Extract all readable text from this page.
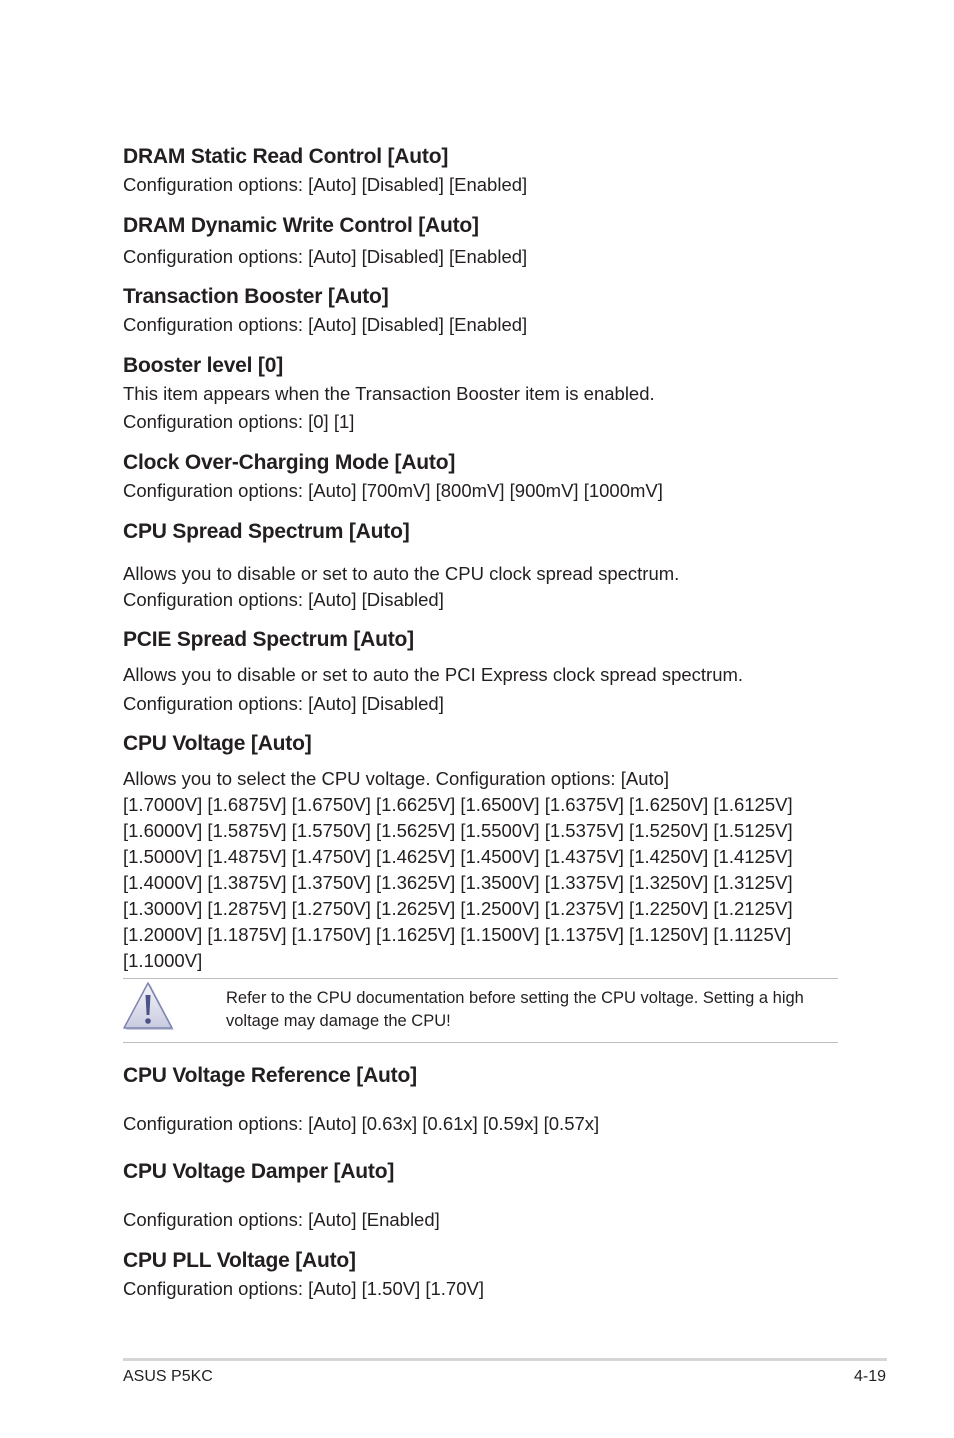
DRAM Static Read Control [Auto]
Configuration options: [Auto] [Disabled] [Enabled]
DRAM Dynamic Write Control [Auto]
Configuration options: [Auto] [Disabled] [Enabled]
Transaction Booster [Auto]
Configuration options: [Auto] [Disabled] [Enabled]
Booster level [0]
This item appears when the Transaction Booster item is enabled.
Configuration options: [0] [1]
Clock Over-Charging Mode [Auto]
Configuration options: [Auto] [700mV] [800mV] [900mV] [1000mV]
CPU Spread Spectrum [Auto]
Allows you to disable or set to auto the CPU clock spread spectrum.
Configuration options: [Auto] [Disabled]
PCIE Spread Spectrum [Auto]
Allows you to disable or set to auto the PCI Express clock spread spectrum.
Configuration options: [Auto] [Disabled]
CPU Voltage [Auto]
Allows you to select the CPU voltage. Configuration options: [Auto]
[1.7000V] [1.6875V] [1.6750V] [1.6625V] [1.6500V] [1.6375V] [1.6250V] [1.6125V]
[1.6000V] [1.5875V] [1.5750V] [1.5625V] [1.5500V] [1.5375V] [1.5250V] [1.5125V]
[1.5000V] [1.4875V] [1.4750V] [1.4625V] [1.4500V] [1.4375V] [1.4250V] [1.4125V]
[1.4000V] [1.3875V] [1.3750V] [1.3625V] [1.3500V] [1.3375V] [1.3250V] [1.3125V]
[1.3000V] [1.2875V] [1.2750V] [1.2625V] [1.2500V] [1.2375V] [1.2250V] [1.2125V]
[1.2000V] [1.1875V] [1.1750V] [1.1625V] [1.1500V] [1.1375V] [1.1250V] [1.1125V]
[1.1000V]
Refer to the CPU documentation before setting the CPU voltage. Setting a high
voltage may damage the CPU!
CPU Voltage Reference [Auto]
Configuration options: [Auto] [0.63x] [0.61x] [0.59x] [0.57x]
CPU Voltage Damper [Auto]
Configuration options: [Auto] [Enabled]
CPU PLL Voltage [Auto]
Configuration options: [Auto] [1.50V] [1.70V]
ASUS P5KC	4-19
